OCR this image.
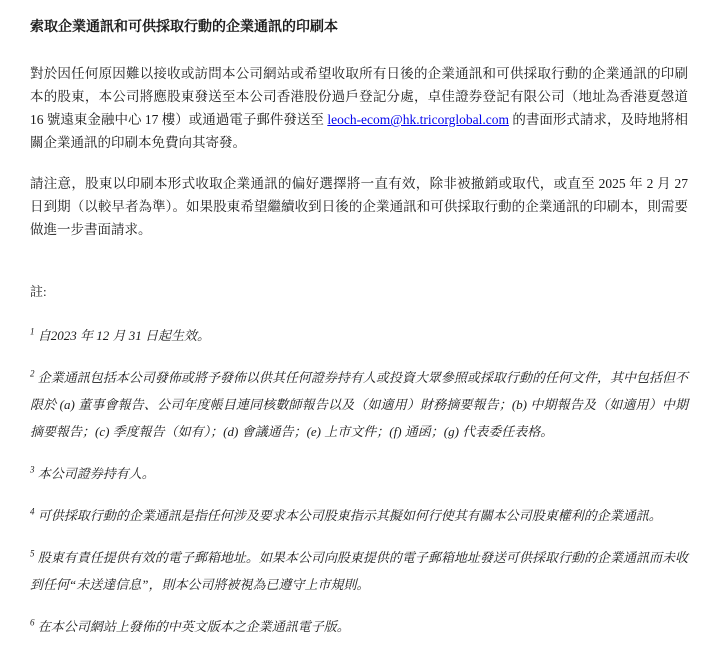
索取企業通訊和可供採取行動的企業通訊的印刷本

對於因任何原因難以接收或訪問本公司網站或希望收取所有日後的企業通訊和可供採取行動的企業通訊的印刷本的股東，本公司將應股東發送至本公司香港股份過戶登記分處，卓佳證券登記有限公司（地址為香港夏愨道 16 號遠東金融中心 17 樓）或通過電子郵件發送至 leoch-ecom@hk.tricorglobal.com 的書面形式請求，及時地將相關企業通訊的印刷本免費向其寄發。

請注意，股東以印刷本形式收取企業通訊的偏好選擇將一直有效，除非被撤銷或取代，或直至 2025 年 2 月 27 日到期（以較早者為準）。如果股東希望繼續收到日後的企業通訊和可供採取行動的企業通訊的印刷本，則需要做進一步書面請求。

註:

$^1$ 自2023 年 12 月 31 日起生效。

$^2$ 企業通訊包括本公司發佈或將予發佈以供其任何證券持有人或投資大眾參照或採取行動的任何文件，其中包括但不限於 (a) 董事會報告、公司年度帳目連同核數師報告以及（如適用）財務摘要報告；(b) 中期報告及（如適用）中期摘要報告；(c) 季度報告（如有）；(d) 會議通告；(e) 上市文件；(f) 通函；(g) 代表委任表格。

$^3$ 本公司證券持有人。

$^4$ 可供採取行動的企業通訊是指任何涉及要求本公司股東指示其擬如何行使其有關本公司股東權利的企業通訊。

$^5$ 股東有責任提供有效的電子郵箱地址。如果本公司向股東提供的電子郵箱地址發送可供採取行動的企業通訊而未收到任何“未送達信息”，則本公司將被視為已遵守上市規則。

$^6$ 在本公司網站上發佈的中英文版本之企業通訊電子版。
